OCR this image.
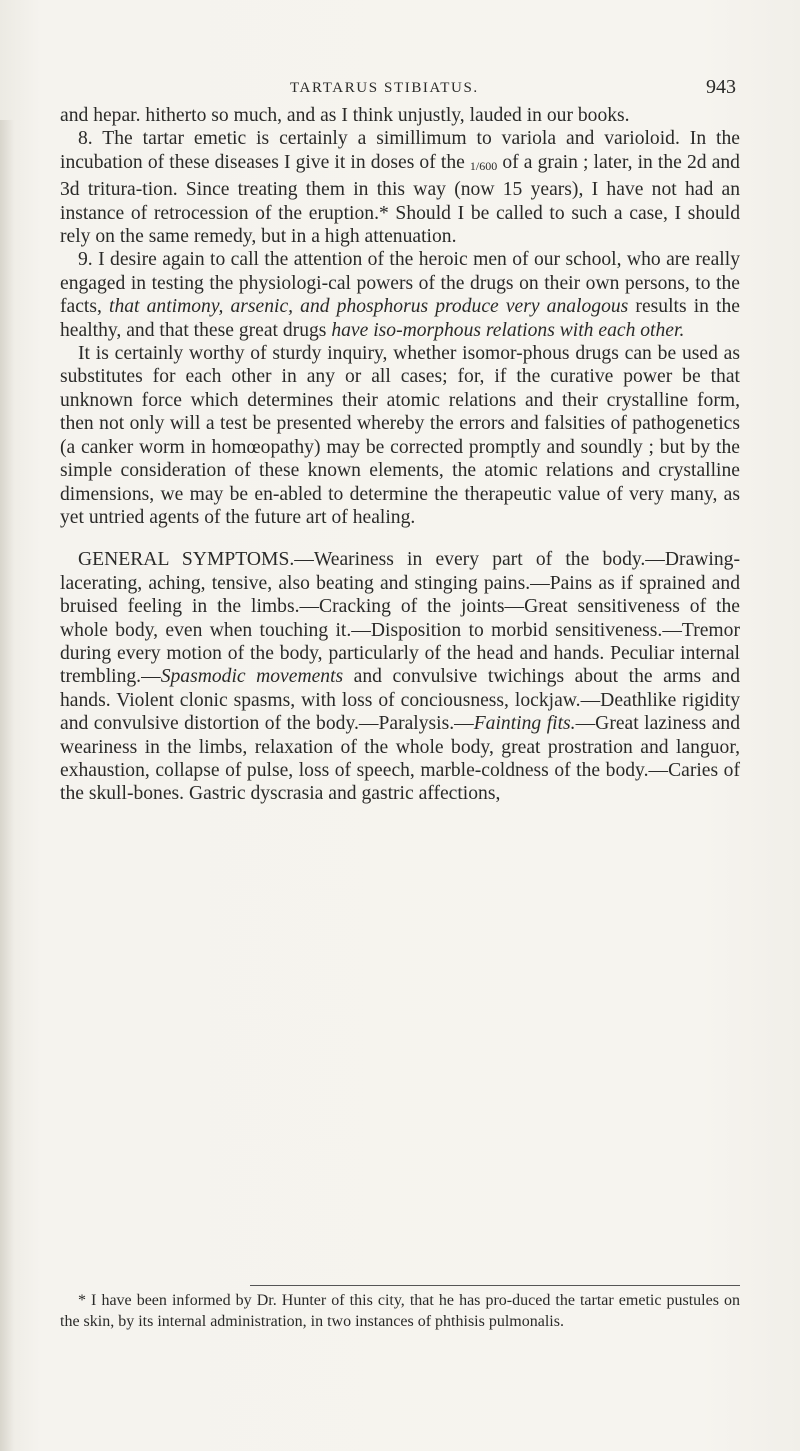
TARTARUS STIBIATUS.	943

and hepar. hitherto so much, and as I think unjustly, lauded in our books.

8. The tartar emetic is certainly a simillimum to variola and varioloid. In the incubation of these diseases I give it in doses of the 1/600 of a grain ; later, in the 2d and 3d tritura-tion. Since treating them in this way (now 15 years), I have not had an instance of retrocession of the eruption.* Should I be called to such a case, I should rely on the same remedy, but in a high attenuation.

9. I desire again to call the attention of the heroic men of our school, who are really engaged in testing the physiologi-cal powers of the drugs on their own persons, to the facts, that antimony, arsenic, and phosphorus produce very analogous results in the healthy, and that these great drugs have iso-morphous relations with each other.

It is certainly worthy of sturdy inquiry, whether isomor-phous drugs can be used as substitutes for each other in any or all cases; for, if the curative power be that unknown force which determines their atomic relations and their crystalline form, then not only will a test be presented whereby the errors and falsities of pathogenetics (a canker worm in homœopathy) may be corrected promptly and soundly ; but by the simple consideration of these known elements, the atomic relations and crystalline dimensions, we may be en-abled to determine the therapeutic value of very many, as yet untried agents of the future art of healing.

GENERAL SYMPTOMS.—Weariness in every part of the body.—Drawing-lacerating, aching, tensive, also beating and stinging pains.—Pains as if sprained and bruised feeling in the limbs.—Cracking of the joints—Great sensitiveness of the whole body, even when touching it.—Disposition to morbid sensitiveness.—Tremor during every motion of the body, particularly of the head and hands. Peculiar internal trembling.—Spasmodic movements and convulsive twichings about the arms and hands. Violent clonic spasms, with loss of conciousness, lockjaw.—Deathlike rigidity and convulsive distortion of the body.—Paralysis.—Fainting fits.—Great laziness and weariness in the limbs, relaxation of the whole body, great prostration and languor, exhaustion, collapse of pulse, loss of speech, marble-coldness of the body.—Caries of the skull-bones. Gastric dyscrasia and gastric affections,

* I have been informed by Dr. Hunter of this city, that he has pro-duced the tartar emetic pustules on the skin, by its internal administration, in two instances of phthisis pulmonalis.
